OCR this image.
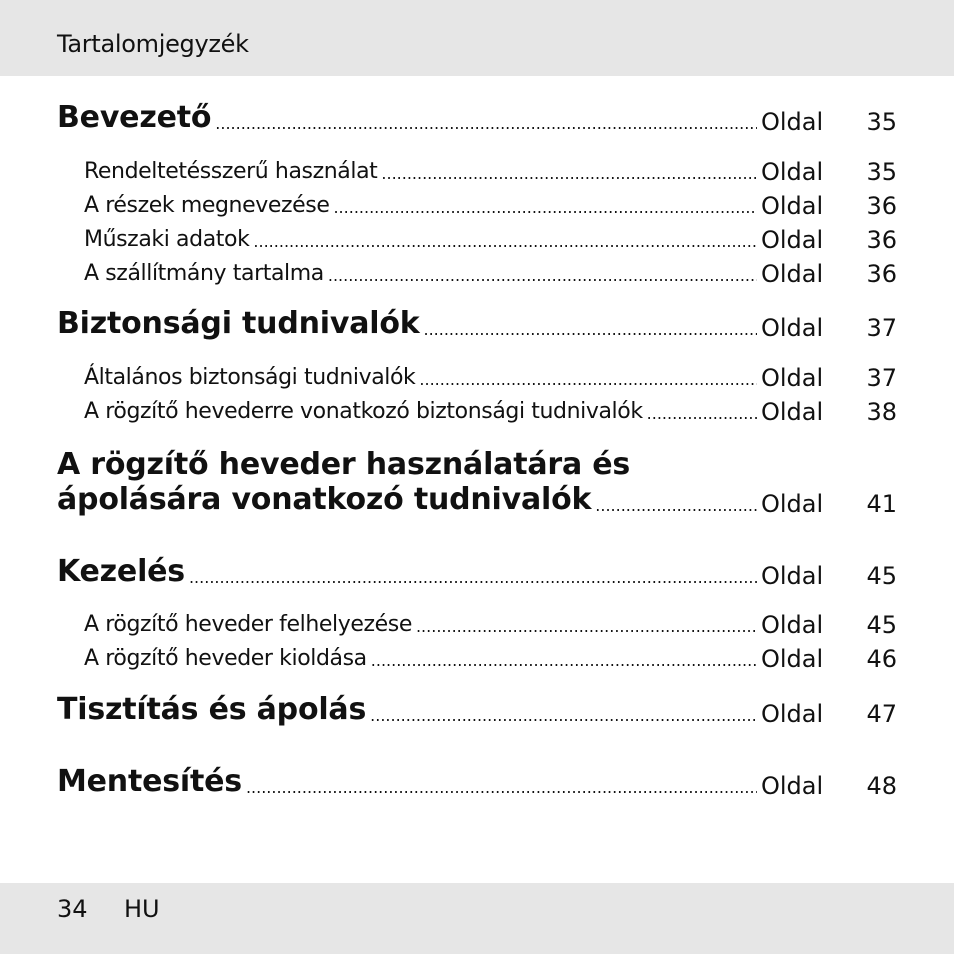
Tartalomjegyzék
Bevezető .....	Oldal	35
Rendeltetésszerű használat .....	Oldal	35
A részek megnevezése .....	Oldal	36
Műszaki adatok .....	Oldal	36
A szállítmány tartalma .....	Oldal	36
Biztonsági tudnivalók .....	Oldal	37
Általános biztonsági tudnivalók .....	Oldal	37
A rögzítő hevederre vonatkozó biztonsági tudnivalók .....	Oldal	38
A rögzítő heveder használatára és
ápolására vonatkozó tudnivalók .....	Oldal	41
Kezelés .....	Oldal	45
A rögzítő heveder felhelyezése .....	Oldal	45
A rögzítő heveder kioldása .....	Oldal	46
Tisztítás és ápolás .....	Oldal	47
Mentesítés .....	Oldal	48
34 HU
